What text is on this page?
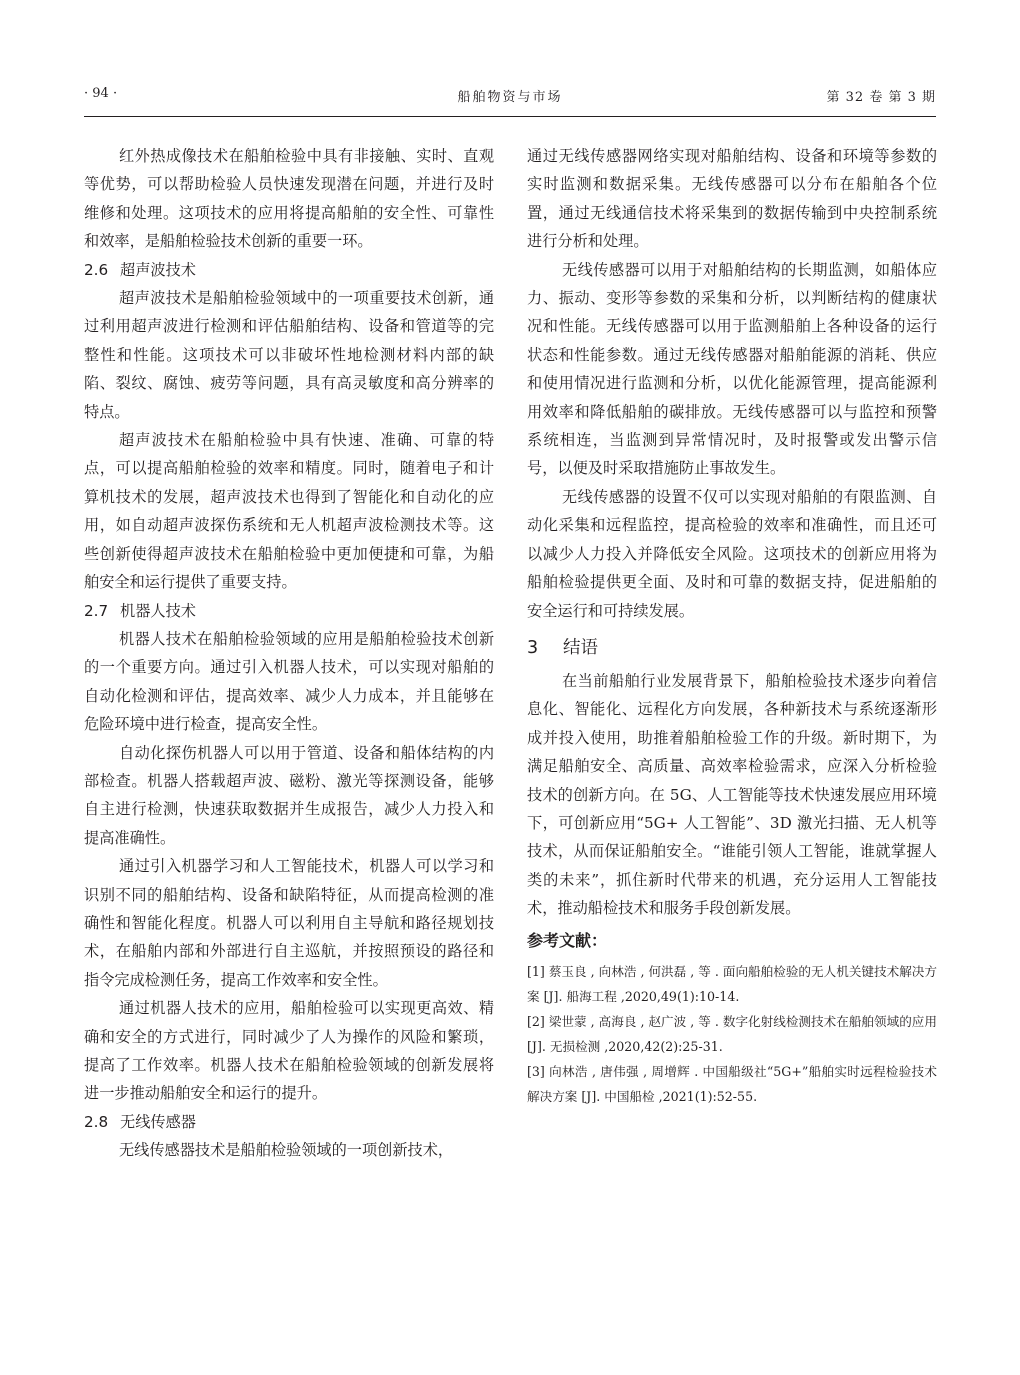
· 94 ·	船舶物资与市场	第 32 卷 第 3 期

红外热成像技术在船舶检验中具有非接触、实时、直观等优势，可以帮助检验人员快速发现潜在问题，并进行及时维修和处理。这项技术的应用将提高船舶的安全性、可靠性和效率，是船舶检验技术创新的重要一环。

2.6 超声波技术

超声波技术是船舶检验领域中的一项重要技术创新，通过利用超声波进行检测和评估船舶结构、设备和管道等的完整性和性能。这项技术可以非破坏性地检测材料内部的缺陷、裂纹、腐蚀、疲劳等问题，具有高灵敏度和高分辨率的特点。

超声波技术在船舶检验中具有快速、准确、可靠的特点，可以提高船舶检验的效率和精度。同时，随着电子和计算机技术的发展，超声波技术也得到了智能化和自动化的应用，如自动超声波探伤系统和无人机超声波检测技术等。这些创新使得超声波技术在船舶检验中更加便捷和可靠，为船舶安全和运行提供了重要支持。

2.7 机器人技术

机器人技术在船舶检验领域的应用是船舶检验技术创新的一个重要方向。通过引入机器人技术，可以实现对船舶的自动化检测和评估，提高效率、减少人力成本，并且能够在危险环境中进行检查，提高安全性。

自动化探伤机器人可以用于管道、设备和船体结构的内部检查。机器人搭载超声波、磁粉、激光等探测设备，能够自主进行检测，快速获取数据并生成报告，减少人力投入和提高准确性。

通过引入机器学习和人工智能技术，机器人可以学习和识别不同的船舶结构、设备和缺陷特征，从而提高检测的准确性和智能化程度。机器人可以利用自主导航和路径规划技术，在船舶内部和外部进行自主巡航，并按照预设的路径和指令完成检测任务，提高工作效率和安全性。

通过机器人技术的应用，船舶检验可以实现更高效、精确和安全的方式进行，同时减少了人为操作的风险和繁琐，提高了工作效率。机器人技术在船舶检验领域的创新发展将进一步推动船舶安全和运行的提升。

2.8 无线传感器

无线传感器技术是船舶检验领域的一项创新技术，

通过无线传感器网络实现对船舶结构、设备和环境等参数的实时监测和数据采集。无线传感器可以分布在船舶各个位置，通过无线通信技术将采集到的数据传输到中央控制系统进行分析和处理。

无线传感器可以用于对船舶结构的长期监测，如船体应力、振动、变形等参数的采集和分析，以判断结构的健康状况和性能。无线传感器可以用于监测船舶上各种设备的运行状态和性能参数。通过无线传感器对船舶能源的消耗、供应和使用情况进行监测和分析，以优化能源管理，提高能源利用效率和降低船舶的碳排放。无线传感器可以与监控和预警系统相连，当监测到异常情况时，及时报警或发出警示信号，以便及时采取措施防止事故发生。

无线传感器的设置不仅可以实现对船舶的有限监测、自动化采集和远程监控，提高检验的效率和准确性，而且还可以减少人力投入并降低安全风险。这项技术的创新应用将为船舶检验提供更全面、及时和可靠的数据支持，促进船舶的安全运行和可持续发展。

3 结语

在当前船舶行业发展背景下，船舶检验技术逐步向着信息化、智能化、远程化方向发展，各种新技术与系统逐渐形成并投入使用，助推着船舶检验工作的升级。新时期下，为满足船舶安全、高质量、高效率检验需求，应深入分析检验技术的创新方向。在 5G、人工智能等技术快速发展应用环境下，可创新应用“5G+ 人工智能”、3D 激光扫描、无人机等技术，从而保证船舶安全。“谁能引领人工智能，谁就掌握人类的未来”，抓住新时代带来的机遇，充分运用人工智能技术，推动船检技术和服务手段创新发展。

参考文献：

[1] 蔡玉良 , 向林浩 , 何洪磊 , 等 . 面向船舶检验的无人机关键技术解决方案 [J]. 船海工程 ,2020,49(1):10-14.

[2] 梁世蒙 , 高海良 , 赵广波 , 等 . 数字化射线检测技术在船舶领域的应用 [J]. 无损检测 ,2020,42(2):25-31.

[3] 向林浩 , 唐伟强 , 周增辉 . 中国船级社“5G+”船舶实时远程检验技术解决方案 [J]. 中国船检 ,2021(1):52-55.
